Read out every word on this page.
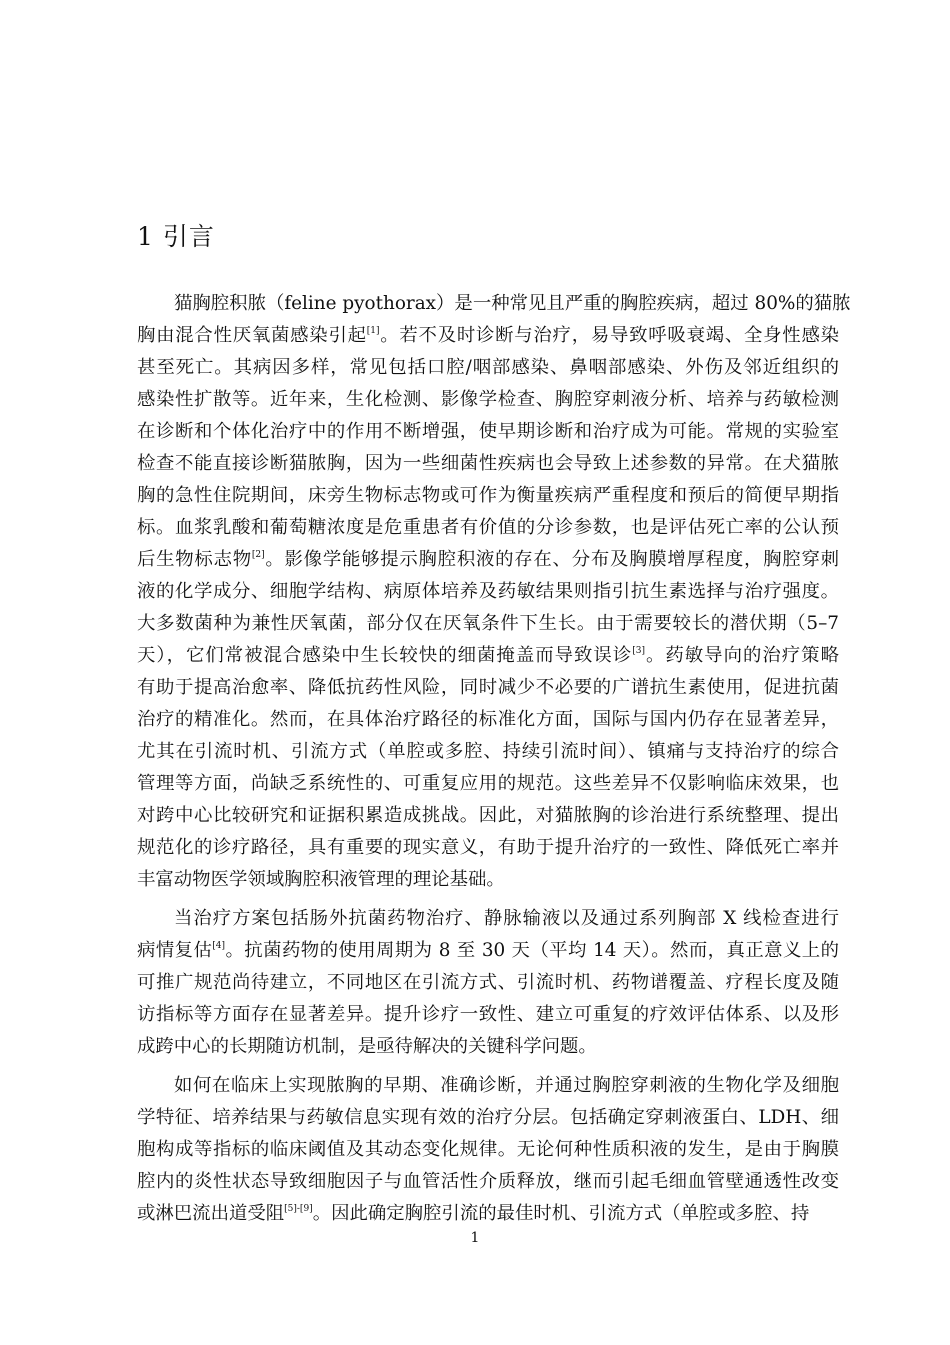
1 引言
猫胸腔积脓（feline pyothorax）是一种常见且严重的胸腔疾病，超过 80%的猫脓
胸由混合性厌氧菌感染引起[1]。若不及时诊断与治疗，易导致呼吸衰竭、全身性感染
甚至死亡。其病因多样，常见包括口腔/咽部感染、鼻咽部感染、外伤及邻近组织的
感染性扩散等。近年来，生化检测、影像学检查、胸腔穿刺液分析、培养与药敏检测
在诊断和个体化治疗中的作用不断增强，使早期诊断和治疗成为可能。常规的实验室
检查不能直接诊断猫脓胸，因为一些细菌性疾病也会导致上述参数的异常。在犬猫脓
胸的急性住院期间，床旁生物标志物或可作为衡量疾病严重程度和预后的简便早期指
标。血浆乳酸和葡萄糖浓度是危重患者有价值的分诊参数，也是评估死亡率的公认预
后生物标志物[2]。影像学能够提示胸腔积液的存在、分布及胸膜增厚程度，胸腔穿刺
液的化学成分、细胞学结构、病原体培养及药敏结果则指引抗生素选择与治疗强度。
大多数菌种为兼性厌氧菌，部分仅在厌氧条件下生长。由于需要较长的潜伏期（5–7
天），它们常被混合感染中生长较快的细菌掩盖而导致误诊[3]。药敏导向的治疗策略
有助于提高治愈率、降低抗药性风险，同时减少不必要的广谱抗生素使用，促进抗菌
治疗的精准化。然而，在具体治疗路径的标准化方面，国际与国内仍存在显著差异，
尤其在引流时机、引流方式（单腔或多腔、持续引流时间）、镇痛与支持治疗的综合
管理等方面，尚缺乏系统性的、可重复应用的规范。这些差异不仅影响临床效果，也
对跨中心比较研究和证据积累造成挑战。因此，对猫脓胸的诊治进行系统整理、提出
规范化的诊疗路径，具有重要的现实意义，有助于提升治疗的一致性、降低死亡率并
丰富动物医学领域胸腔积液管理的理论基础。
当治疗方案包括肠外抗菌药物治疗、静脉输液以及通过系列胸部 X 线检查进行
病情复估[4]。抗菌药物的使用周期为 8 至 30 天（平均 14 天）。然而，真正意义上的
可推广规范尚待建立，不同地区在引流方式、引流时机、药物谱覆盖、疗程长度及随
访指标等方面存在显著差异。提升诊疗一致性、建立可重复的疗效评估体系、以及形
成跨中心的长期随访机制，是亟待解决的关键科学问题。
如何在临床上实现脓胸的早期、准确诊断，并通过胸腔穿刺液的生物化学及细胞
学特征、培养结果与药敏信息实现有效的治疗分层。包括确定穿刺液蛋白、LDH、细
胞构成等指标的临床阈值及其动态变化规律。无论何种性质积液的发生，是由于胸膜
腔内的炎性状态导致细胞因子与血管活性介质释放，继而引起毛细血管壁通透性改变
或淋巴流出道受阻[5]-[9]。因此确定胸腔引流的最佳时机、引流方式（单腔或多腔、持
1
